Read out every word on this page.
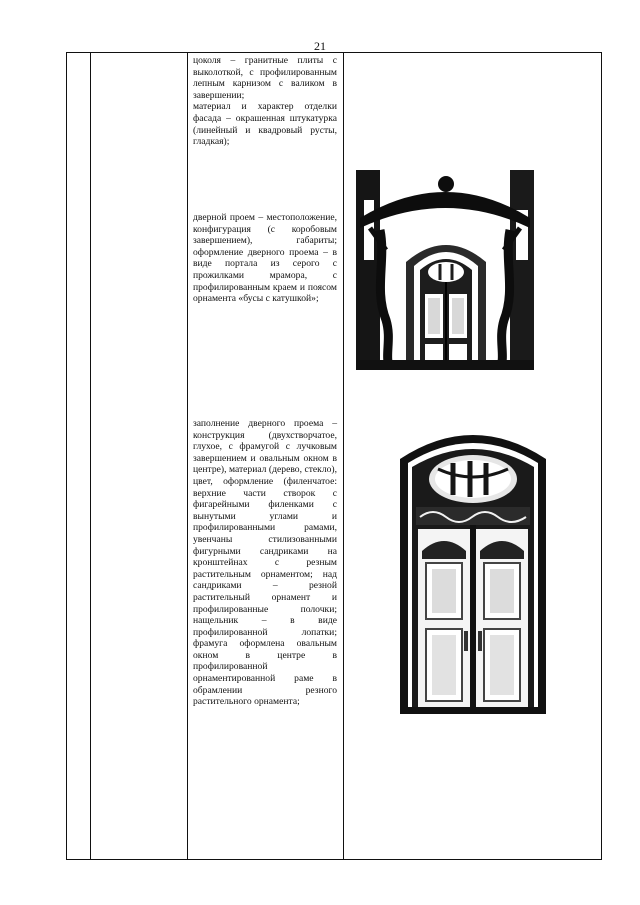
21

цоколя – гранитные плиты с выколоткой, с профилированным лепным карнизом с валиком в завершении;

материал и характер отделки фасада – окрашенная штукатурка (линейный и квадровый русты, гладкая);

дверной проем – местоположение, конфигурация (с коробовым завершением), габариты; оформление дверного проема – в виде портала из серого с прожилками мрамора, с профилированным краем и поясом орнамента «бусы с катушкой»;

заполнение дверного проема – конструкция (двухстворчатое, глухое, с фрамугой с лучковым завершением и овальным окном в центре), материал (дерево, стекло), цвет, оформление (филенчатое: верхние части створок с фигарейными филенками с вынутыми углами и профилированными рамами, увенчаны стилизованными фигурными сандриками на кронштейнах с резным растительным орнаментом; над сандриками – резной растительный орнамент и профилированные полочки; нащельник – в виде профилированной лопатки; фрамуга оформлена овальным окном в центре в профилированной орнаментированной раме в обрамлении резного растительного орнамента;
